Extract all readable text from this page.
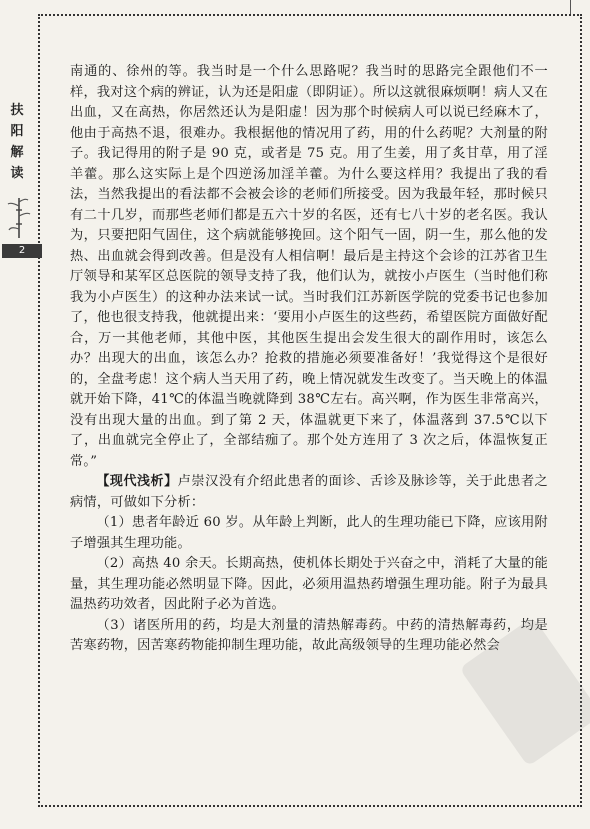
扶
阳
解
读
2

南通的、徐州的等。我当时是一个什么思路呢？我当时的思路完全跟他们不一样，我对这个病的辨证，认为还是阳虚（即阴证）。所以这就很麻烦啊！病人又在出血，又在高热，你居然还认为是阳虚！因为那个时候病人可以说已经麻木了，他由于高热不退，很难办。我根据他的情况用了药，用的什么药呢？大剂量的附子。我记得用的附子是 90 克，或者是 75 克。用了生姜，用了炙甘草，用了淫羊藿。那么这实际上是个四逆汤加淫羊藿。为什么要这样用？我提出了我的看法，当然我提出的看法都不会被会诊的老师们所接受。因为我最年轻，那时候只有二十几岁，而那些老师们都是五六十岁的名医，还有七八十岁的老名医。我认为，只要把阳气固住，这个病就能够挽回。这个阳气一固，阴一生，那么他的发热、出血就会得到改善。但是没有人相信啊！最后是主持这个会诊的江苏省卫生厅领导和某军区总医院的领导支持了我，他们认为，就按小卢医生（当时他们称我为小卢医生）的这种办法来试一试。当时我们江苏新医学院的党委书记也参加了，他也很支持我，他就提出来：‘要用小卢医生的这些药，希望医院方面做好配合，万一其他老师，其他中医，其他医生提出会发生很大的副作用时，该怎么办？出现大的出血，该怎么办？抢救的措施必须要准备好！’我觉得这个是很好的，全盘考虑！这个病人当天用了药，晚上情况就发生改变了。当天晚上的体温就开始下降，41℃的体温当晚就降到 38℃左右。高兴啊，作为医生非常高兴，没有出现大量的出血。到了第 2 天，体温就更下来了，体温落到 37.5℃以下了，出血就完全停止了，全部结痂了。那个处方连用了 3 次之后，体温恢复正常。”

【现代浅析】卢崇汉没有介绍此患者的面诊、舌诊及脉诊等，关于此患者之病情，可做如下分析：

（1）患者年龄近 60 岁。从年龄上判断，此人的生理功能已下降，应该用附子增强其生理功能。

（2）高热 40 余天。长期高热，使机体长期处于兴奋之中，消耗了大量的能量，其生理功能必然明显下降。因此，必须用温热药增强生理功能。附子为最具温热药功效者，因此附子必为首选。

（3）诸医所用的药，均是大剂量的清热解毒药。中药的清热解毒药，均是苦寒药物，因苦寒药物能抑制生理功能，故此高级领导的生理功能必然会
